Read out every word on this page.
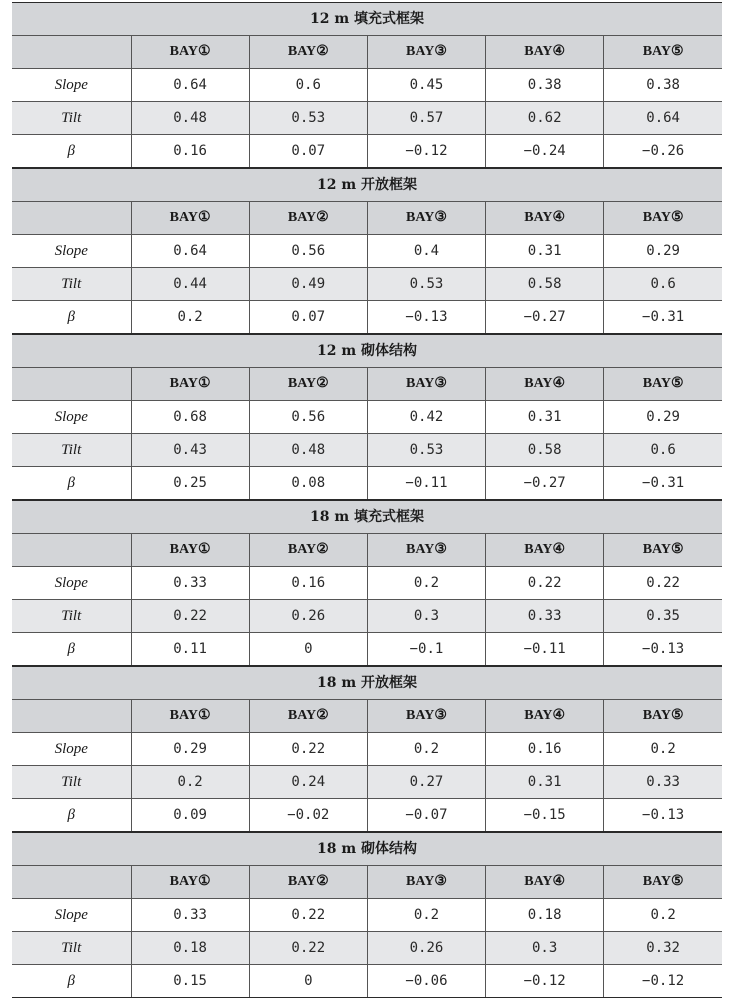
12 m 填充式框架					
	BAY①	BAY②	BAY③	BAY④	BAY⑤
Slope	0.64	0.6	0.45	0.38	0.38
Tilt	0.48	0.53	0.57	0.62	0.64
β	0.16	0.07	−0.12	−0.24	−0.26
12 m 开放框架					
	BAY①	BAY②	BAY③	BAY④	BAY⑤
Slope	0.64	0.56	0.4	0.31	0.29
Tilt	0.44	0.49	0.53	0.58	0.6
β	0.2	0.07	−0.13	−0.27	−0.31
12 m 砌体结构					
	BAY①	BAY②	BAY③	BAY④	BAY⑤
Slope	0.68	0.56	0.42	0.31	0.29
Tilt	0.43	0.48	0.53	0.58	0.6
β	0.25	0.08	−0.11	−0.27	−0.31
18 m 填充式框架					
	BAY①	BAY②	BAY③	BAY④	BAY⑤
Slope	0.33	0.16	0.2	0.22	0.22
Tilt	0.22	0.26	0.3	0.33	0.35
β	0.11	0	−0.1	−0.11	−0.13
18 m 开放框架					
	BAY①	BAY②	BAY③	BAY④	BAY⑤
Slope	0.29	0.22	0.2	0.16	0.2
Tilt	0.2	0.24	0.27	0.31	0.33
β	0.09	−0.02	−0.07	−0.15	−0.13
18 m 砌体结构					
	BAY①	BAY②	BAY③	BAY④	BAY⑤
Slope	0.33	0.22	0.2	0.18	0.2
Tilt	0.18	0.22	0.26	0.3	0.32
β	0.15	0	−0.06	−0.12	−0.12
